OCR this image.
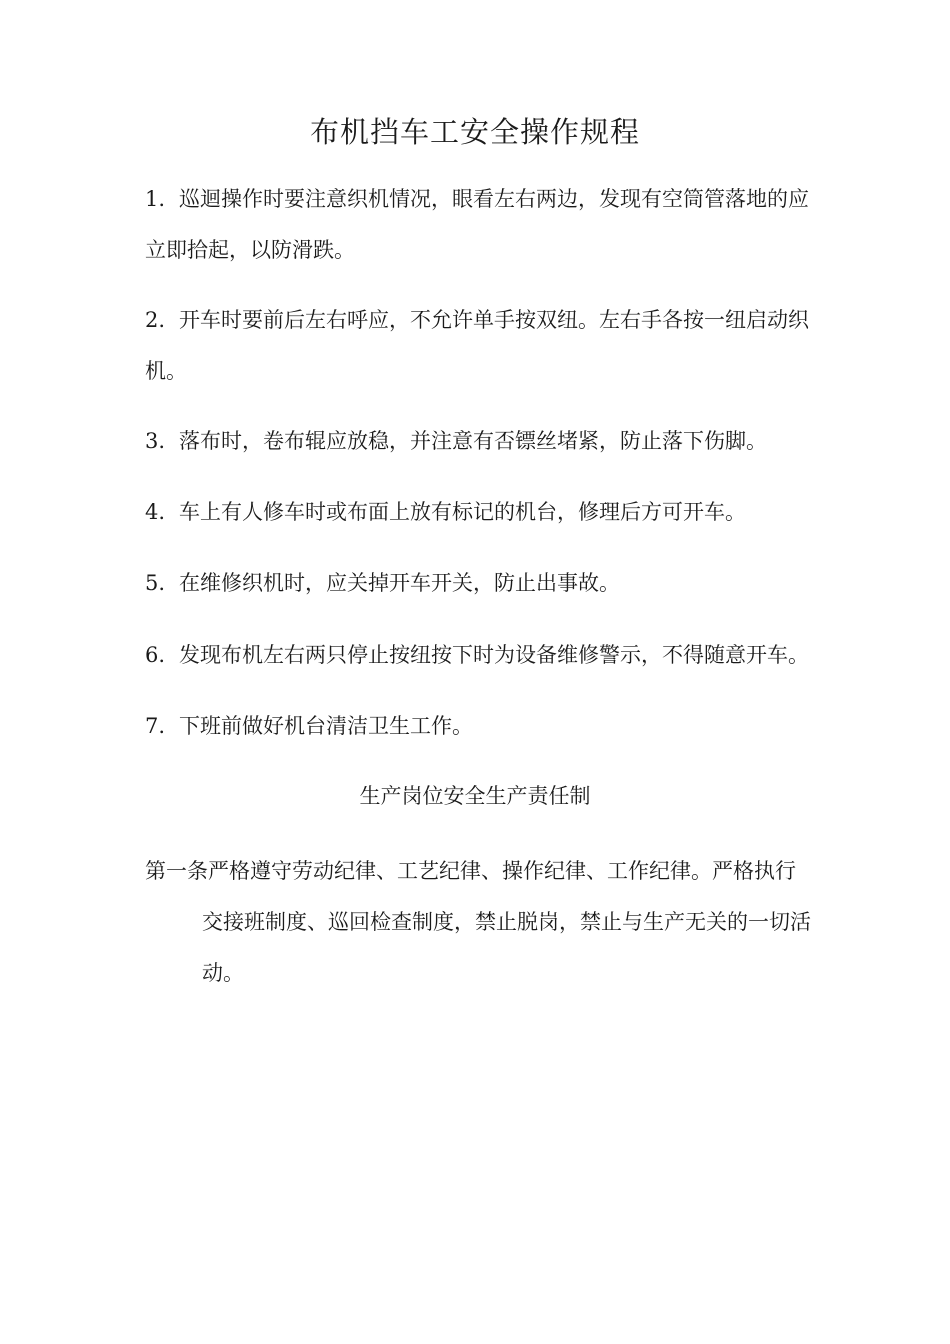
布机挡车工安全操作规程
1. 巡迴操作时要注意织机情况，眼看左右两边，发现有空筒管落地的应
立即拾起，以防滑跌。
2. 开车时要前后左右呼应，不允许单手按双纽。左右手各按一纽启动织
机。
3. 落布时，卷布辊应放稳，并注意有否镖丝堵紧，防止落下伤脚。
4. 车上有人修车时或布面上放有标记的机台，修理后方可开车。
5. 在维修织机时，应关掉开车开关，防止出事故。
6. 发现布机左右两只停止按纽按下时为设备维修警示，不得随意开车。
7. 下班前做好机台清洁卫生工作。
生产岗位安全生产责任制
第一条严格遵守劳动纪律、工艺纪律、操作纪律、工作纪律。严格执行
交接班制度、巡回检查制度，禁止脱岗，禁止与生产无关的一切活
动。
